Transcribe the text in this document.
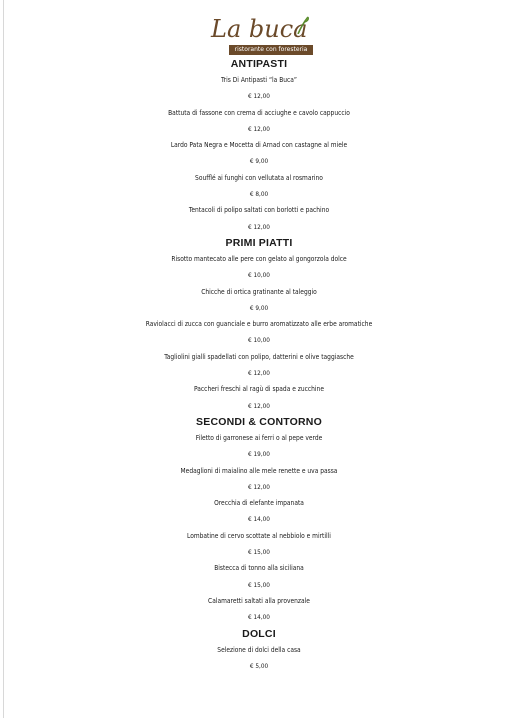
La buca
ristorante con foresteria
ANTIPASTI
Tris Di Antipasti “la Buca”
€ 12,00
Battuta di fassone con crema di acciughe e cavolo cappuccio
€ 12,00
Lardo Pata Negra e Mocetta di Arnad con castagne al miele
€ 9,00
Soufflé ai funghi con vellutata al rosmarino
€ 8,00
Tentacoli di polipo saltati con borlotti e pachino
€ 12,00
PRIMI PIATTI
Risotto mantecato alle pere con gelato al gongorzola dolce
€ 10,00
Chicche di ortica gratinante al taleggio
€ 9,00
Raviolacci di zucca con guanciale e burro aromatizzato alle erbe aromatiche
€ 10,00
Tagliolini gialli spadellati con polipo, datterini e olive taggiasche
€ 12,00
Paccheri freschi al ragù di spada e zucchine
€ 12,00
SECONDI & CONTORNO
Filetto di garronese ai ferri o al pepe verde
€ 19,00
Medaglioni di maialino alle mele renette e uva passa
€ 12,00
Orecchia di elefante impanata
€ 14,00
Lombatine di cervo scottate al nebbiolo e mirtilli
€ 15,00
Bistecca di tonno alla siciliana
€ 15,00
Calamaretti saltati alla provenzale
€ 14,00
DOLCI
Selezione di dolci della casa
€ 5,00
